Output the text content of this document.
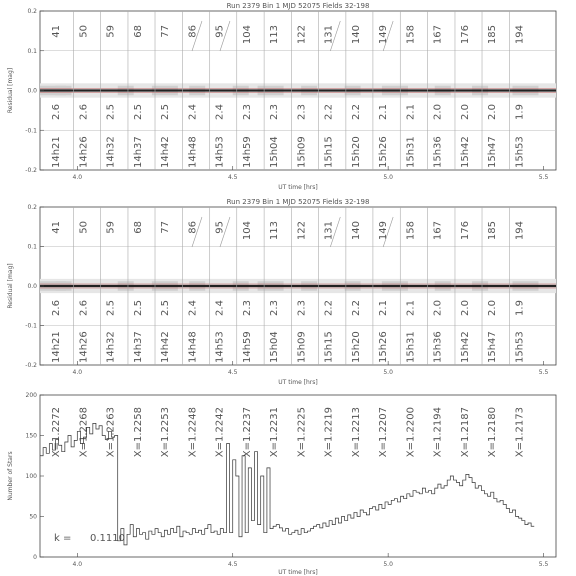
Run 2379 Bin 1 MJD 52075 Fields 32-198
41
2.6
14h21
50
2.6
14h26
59
2.5
14h32
68
2.5
14h37
77
2.5
14h42
86
2.4
14h48
95
2.4
14h53
104
2.3
14h59
113
2.3
15h04
122
2.3
15h09
131
2.2
15h15
140
2.2
15h20
149
2.1
15h26
158
2.1
15h31
167
2.0
15h36
176
2.0
15h42
185
2.0
15h47
194
1.9
15h53
-0.2
-0.1
0.0
0.1
0.2
4.0	4.5	5.0	5.5
UT time [hrs]
Residual [mag]
Run 2379 Bin 1 MJD 52075 Fields 32-198
41
2.6
14h21
50
2.6
14h26
59
2.5
14h32
68
2.5
14h37
77
2.5
14h42
86
2.4
14h48
95
2.4
14h53
104
2.3
14h59
113
2.3
15h04
122
2.3
15h09
131
2.2
15h15
140
2.2
15h20
149
2.1
15h26
158
2.1
15h31
167
2.0
15h36
176
2.0
15h42
185
2.0
15h47
194
1.9
15h53
-0.2
-0.1
0.0
0.1
0.2
4.0	4.5	5.0	5.5
UT time [hrs]
Residual [mag]
X=1.2272 X=1.2268 X=1.2263 X=1.2258 X=1.2253 X=1.2248 X=1.2242 X=1.2237 X=1.2231 X=1.2225 X=1.2219 X=1.2213 X=1.2207 X=1.2200 X=1.2194 X=1.2187 X=1.2180 X=1.2173
0
50
100
150
200
4.0	4.5	5.0	5.5
UT time [hrs]
Number of Stars
k = 0.1110
